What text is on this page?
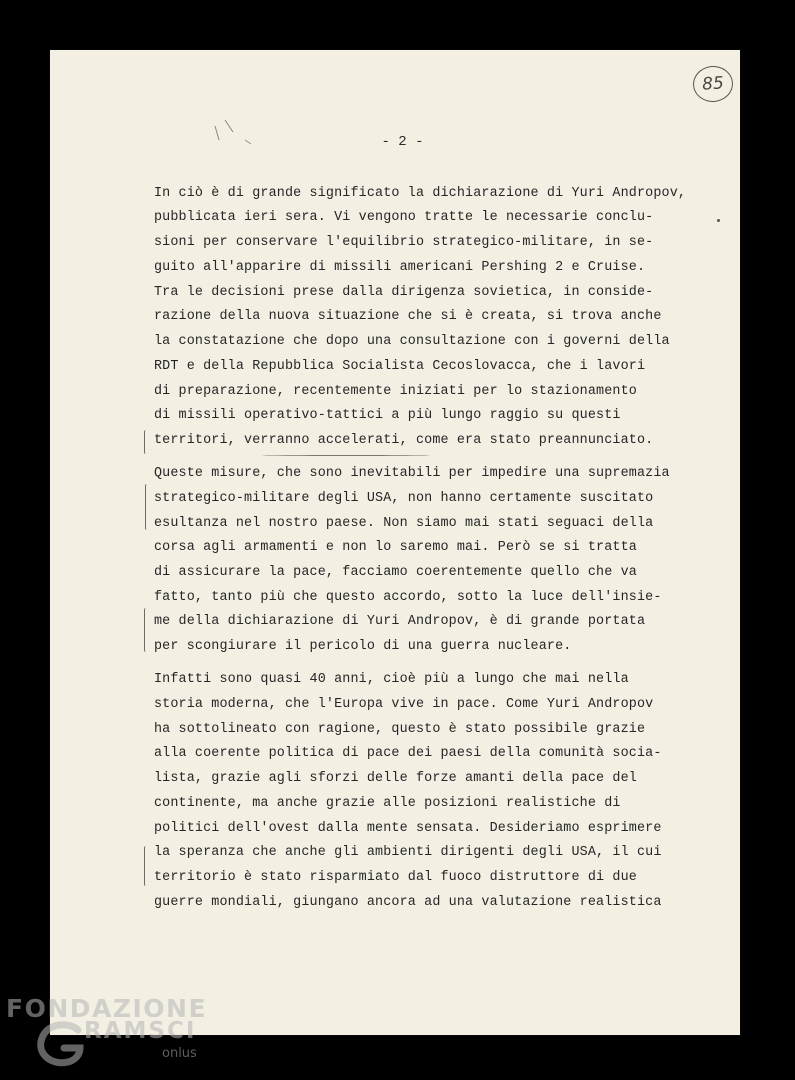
85
- 2 -
In ciò è di grande significato la dichiarazione di Yuri Andropov,
pubblicata ieri sera. Vi vengono tratte le necessarie conclu-
sioni per conservare l'equilibrio strategico-militare, in se-
guito all'apparire di missili americani Pershing 2 e Cruise.
Tra le decisioni prese dalla dirigenza sovietica, in conside-
razione della nuova situazione che si è creata, si trova anche
la constatazione che dopo una consultazione con i governi della
RDT e della Repubblica Socialista Cecoslovacca, che i lavori
di preparazione, recentemente iniziati per lo stazionamento
di missili operativo-tattici a più lungo raggio su questi
territori, verranno accelerati, come era stato preannunciato.
Queste misure, che sono inevitabili per impedire una supremazia
strategico-militare degli USA, non hanno certamente suscitato
esultanza nel nostro paese. Non siamo mai stati seguaci della
corsa agli armamenti e non lo saremo mai. Però se si tratta
di assicurare la pace, facciamo coerentemente quello che va
fatto, tanto più che questo accordo, sotto la luce dell'insie-
me della dichiarazione di Yuri Andropov, è di grande portata
per scongiurare il pericolo di una guerra nucleare.
Infatti sono quasi 40 anni, cioè più a lungo che mai nella
storia moderna, che l'Europa vive in pace. Come Yuri Andropov
ha sottolineato con ragione, questo è stato possibile grazie
alla coerente politica di pace dei paesi della comunità socia-
lista, grazie agli sforzi delle forze amanti della pace del
continente, ma anche grazie alle posizioni realistiche di
politici dell'ovest dalla mente sensata. Desideriamo esprimere
la speranza che anche gli ambienti dirigenti degli USA, il cui
territorio è stato risparmiato dal fuoco distruttore di due
guerre mondiali, giungano ancora ad una valutazione realistica
FONDAZIONE
RAMSCI
onlus
